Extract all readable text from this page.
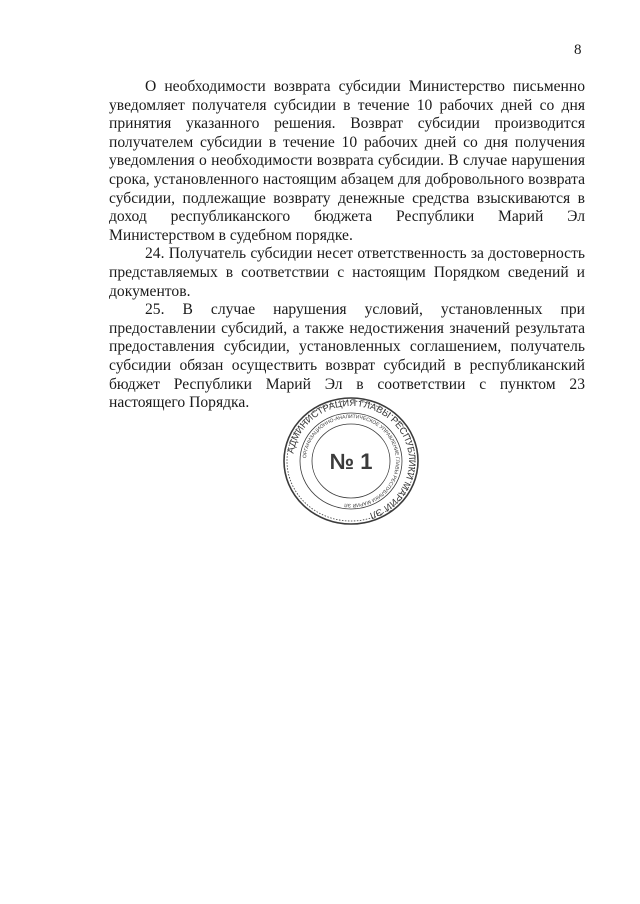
8

О необходимости возврата субсидии Министерство письменно уведомляет получателя субсидии в течение 10 рабочих дней со дня принятия указанного решения. Возврат субсидии производится получателем субсидии в течение 10 рабочих дней со дня получения уведомления о необходимости возврата субсидии. В случае нарушения срока, установленного настоящим абзацем для добровольного возврата субсидии, подлежащие возврату денежные средства взыскиваются в доход республиканского бюджета Республики Марий Эл Министерством в судебном порядке.

24. Получатель субсидии несет ответственность за достоверность представляемых в соответствии с настоящим Порядком сведений и документов.

25. В случае нарушения условий, установленных при предоставлении субсидий, а также недостижения значений результата предоставления субсидии, установленных соглашением, получатель субсидии обязан осуществить возврат субсидий в республиканский бюджет Республики Марий Эл в соответствии с пунктом 23 настоящего Порядка.

АДМИНИСТРАЦИЯ ГЛАВЫ РЕСПУБЛИКИ МАРИЙ ЭЛ
ОРГАНИЗАЦИОННО-АНАЛИТИЧЕСКОЕ УПРАВЛЕНИЕ ГЛАВЫ РЕСПУБЛИКИ МАРИЙ ЭЛ
№ 1
